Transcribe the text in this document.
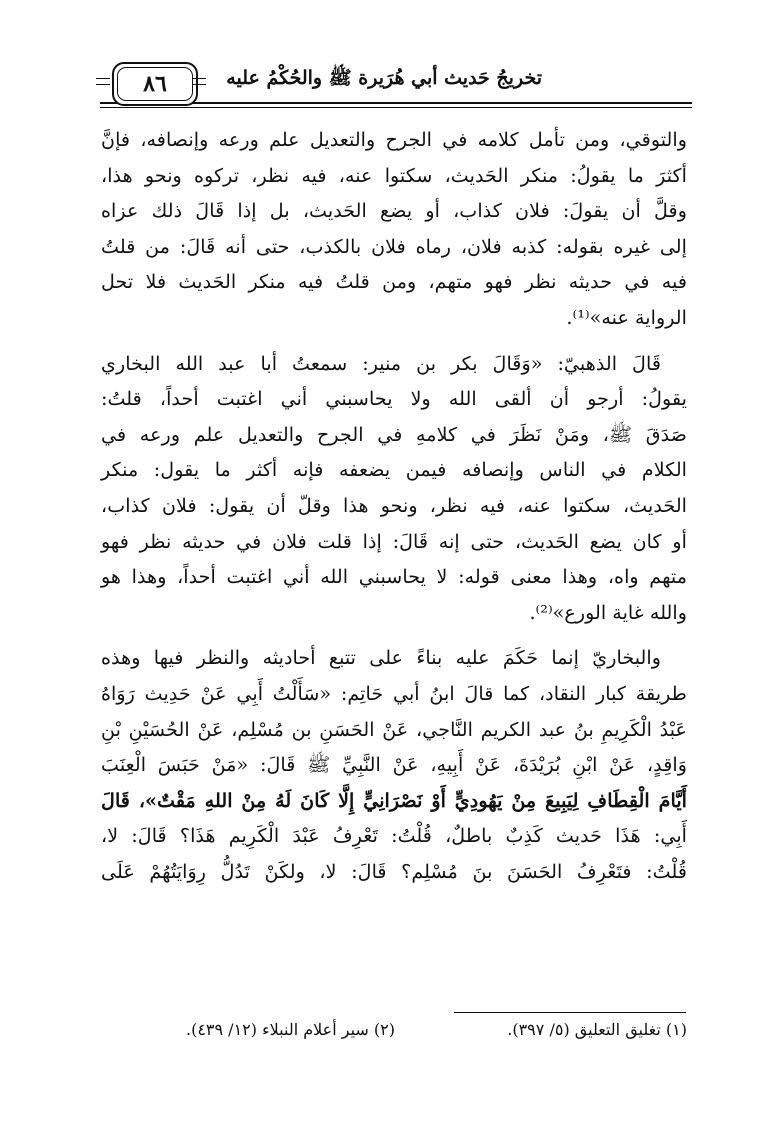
تخريجُ حَديث أبي هُرَيرة ﷺ والحُكْمُ عليه
٨٦

والتوقي، ومن تأمل كلامه في الجرح والتعديل علم ورعه وإنصافه، فإنَّ
أكثرَ ما يقولُ: منكر الحَديث، سكتوا عنه، فيه نظر، تركوه ونحو هذا،
وقلَّ أن يقولَ: فلان كذاب، أو يضع الحَديث، بل إذا قَالَ ذلك عزاه
إلى غيره بقوله: كذبه فلان، رماه فلان بالكذب، حتى أنه قَالَ: من قلتُ
فيه في حديثه نظر فهو متهم، ومن قلتُ فيه منكر الحَديث فلا تحل
الرواية عنه»⁽¹⁾.

قَالَ الذهبيّ: «وَقَالَ بكر بن منير: سمعتُ أبا عبد الله البخاري
يقولُ: أرجو أن ألقى الله ولا يحاسبني أني اغتبت أحداً، قلتُ:
صَدَقَ ﷺ، ومَنْ نَظَرَ في كلامهِ في الجرح والتعديل علم ورعه في
الكلام في الناس وإنصافه فيمن يضعفه فإنه أكثر ما يقول: منكر
الحَديث، سكتوا عنه، فيه نظر، ونحو هذا وقلّ أن يقول: فلان كذاب،
أو كان يضع الحَديث، حتى إنه قَالَ: إذا قلت فلان في حديثه نظر فهو
متهم واه، وهذا معنى قوله: لا يحاسبني الله أني اغتبت أحداً، وهذا هو
والله غاية الورع»⁽²⁾.

والبخاريّ إنما حَكَمَ عليه بناءً على تتبع أحاديثه والنظر فيها وهذه
طريقة كبار النقاد، كما قالَ ابنُ أبي حَاتِم: «سَأَلْتُ أَبِي عَنْ حَدِيث رَوَاهُ
عَبْدُ الْكَرِيمِ بنُ عبد الكريم النَّاجي، عَنْ الحَسَنِ بن مُسْلِم، عَنْ الحُسَيْنِ بْنِ
وَاقِدٍ، عَنْ ابْنِ بُرَيْدَةَ، عَنْ أَبِيهِ، عَنْ النَّبِيِّ ﷺ قَالَ: «مَنْ حَبَسَ الْعِنَبَ
أَيَّامَ الْقِطَافِ لِيَبِيعَ مِنْ يَهُودِيٍّ أَوْ نَصْرَانِيٍّ إِلَّا كَانَ لَهُ مِنْ اللهِ مَقْتٌ»، قَالَ
أَبِي: هَذَا حَديث كَذِبٌ باطلٌ، قُلْتُ: تَعْرِفُ عَبْدَ الْكَرِيم هَذَا؟ قَالَ: لا،
قُلْتُ: فتَعْرِفُ الحَسَنَ بنَ مُسْلِم؟ قَالَ: لا، ولكَنْ تَدُلُّ رِوَايَتُهُمْ عَلَى

(١) تغليق التعليق (٥/ ٣٩٧).
(٢) سير أعلام النبلاء (١٢/ ٤٣٩).
